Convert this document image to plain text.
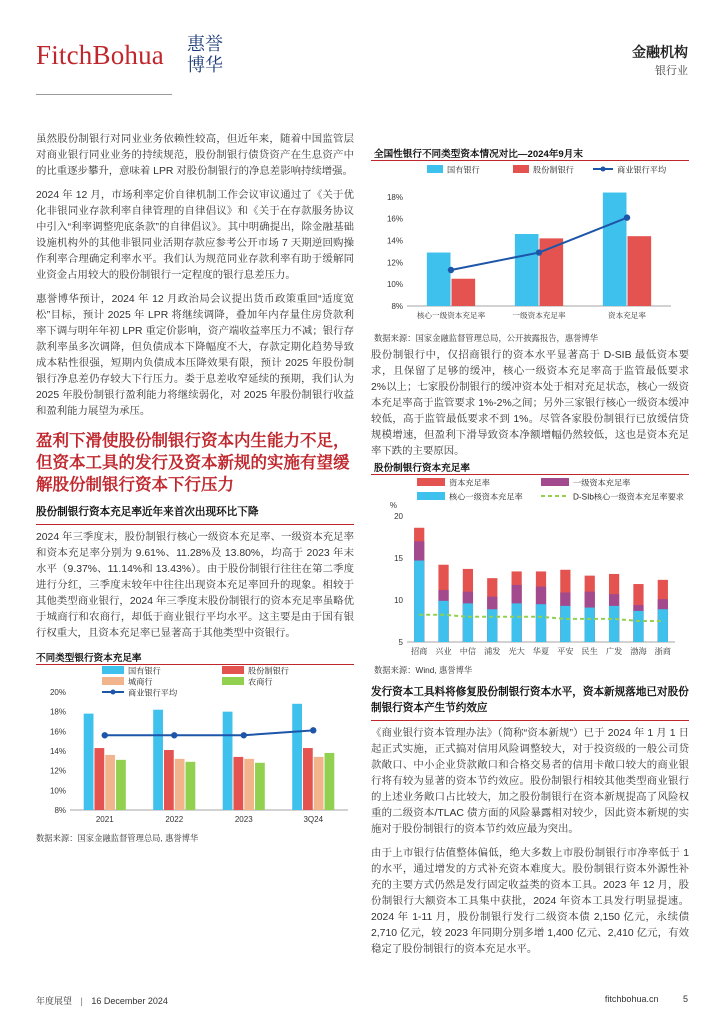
FitchBohua 惠誉
博华
金融机构
银行业

虽然股份制银行对同业业务依赖性较高，但近年来，随着中国监管层对商业银行同业业务的持续规范，股份制银行债贷资产在生息资产中的比重逐步攀升，意味着 LPR 对股份制银行的净息差影响持续增强。

2024 年 12 月，市场利率定价自律机制工作会议审议通过了《关于优化非银同业存款利率自律管理的自律倡议》和《关于在存款服务协议中引入“利率调整兜底条款”的自律倡议》。其中明确提出，除金融基础设施机构外的其他非银同业活期存款应参考公开市场 7 天期逆回购操作利率合理确定利率水平。我们认为规范同业存款利率有助于缓解同业资金占用较大的股份制银行一定程度的银行息差压力。

惠誉博华预计，2024 年 12 月政治局会议提出货币政策重回“适度宽松”目标，预计 2025 年 LPR 将继续调降，叠加年内存量住房贷款利率下调与明年年初 LPR 重定价影响，资产端收益率压力不减；银行存款利率虽多次调降，但负债成本下降幅度不大，存款定期化趋势导致成本粘性很强，短期内负债成本压降效果有限，预计 2025 年股份制银行净息差仍存较大下行压力。娄于息差收窄延续的预期，我们认为 2025 年股份制银行盈利能力将继续弱化，对 2025 年股份制银行收益和盈利能力展望为承压。

盈利下滑使股份制银行资本内生能力不足，但资本工具的发行及资本新规的实施有望缓解股份制银行资本下行压力

股份制银行资本充足率近年来首次出现环比下降

2024 年三季度末，股份制银行核心一级资本充足率、一级资本充足率和资本充足率分别为 9.61%、11.28%及 13.80%，均高于 2023 年末水平（9.37%、11.14%和 13.43%）。由于股份制银行往往在第二季度进行分红，三季度末较年中往往出现资本充足率回升的现象。相较于其他类型商业银行，2024 年三季度末股份制银行的资本充足率虽略优于城商行和农商行，却低于商业银行平均水平。这主要是由于国有银行权重大，且资本充足率已显著高于其他类型中资银行。

不同类型银行资本充足率
国有银行	股份制银行
城商行	农商行
商业银行平均
8%
10%
12%
14%
16%
18%
20%
2021	2022	2023	3Q24
数据来源：国家金融监督管理总局, 惠誉博华
全国性银行不同类型资本情况对比—2024年9月末
国有银行	股份制银行	商业银行平均
8%
10%
12%
14%
16%
18%
核心一级资本充足率	一级资本充足率	资本充足率
数据来源：国家金融监督管理总局，公开披露报告，惠誉博华

股份制银行中，仅招商银行的资本水平显著高于 D-SIB 最低资本要求，且保留了足够的缓冲，核心一级资本充足率高于监管最低要求 2%以上；七家股份制银行的缓冲资本处于相对充足状态，核心一级资本充足率高于监管要求 1%-2%之间；另外三家银行核心一级资本缓冲较低，高于监管最低要求不到 1%。尽管各家股份制银行已放缓信贷规模增速，但盈利下滑导致资本净额增幅仍然较低，这也是资本充足率下跌的主要原因。

股份制银行资本充足率
核心一级资本充足率
一级资本充足率
资本充足率
D-SIb核心一级资本充足率要求
5
10
15
20
%
招商 兴业 中信 浦发 光大 华夏 平安 民生 广发 渤海 浙商
数据来源：Wind, 惠誉博华

发行资本工具料将修复股份制银行资本水平，资本新规落地已对股份制银行资本产生节约效应

《商业银行资本管理办法》（简称“资本新规”）已于 2024 年 1 月 1 日起正式实施，正式搞对信用风险调整较大，对于投资级的一般公司贷款敞口、中小企业贷款敞口和合格交易者的信用卡敞口较大的商业银行将有较为显著的资本节约效应。股份制银行相较其他类型商业银行的上述业务敞口占比较大，加之股份制银行在资本新规提高了风险权重的二级资本/TLAC 债方面的风险暴露相对较少，因此资本新规的实施对于股份制银行的资本节约效应最为突出。

由于上市银行估值整体偏低，绝大多数上市股份制银行市净率低于 1 的水平，通过增发的方式补充资本难度大。股份制银行资本外源性补充的主要方式仍然是发行固定收益类的资本工具。2023 年 12 月，股份制银行大额资本工具集中获批，2024 年资本工具发行明显提速。2024 年 1-11 月，股份制银行发行二级资本债 2,150 亿元，永续债 2,710 亿元，较 2023 年同期分别多增 1,400 亿元、2,410 亿元，有效稳定了股份制银行的资本充足水平。

年度展望 | 16 December 2024	fitchbohua.cn	5
